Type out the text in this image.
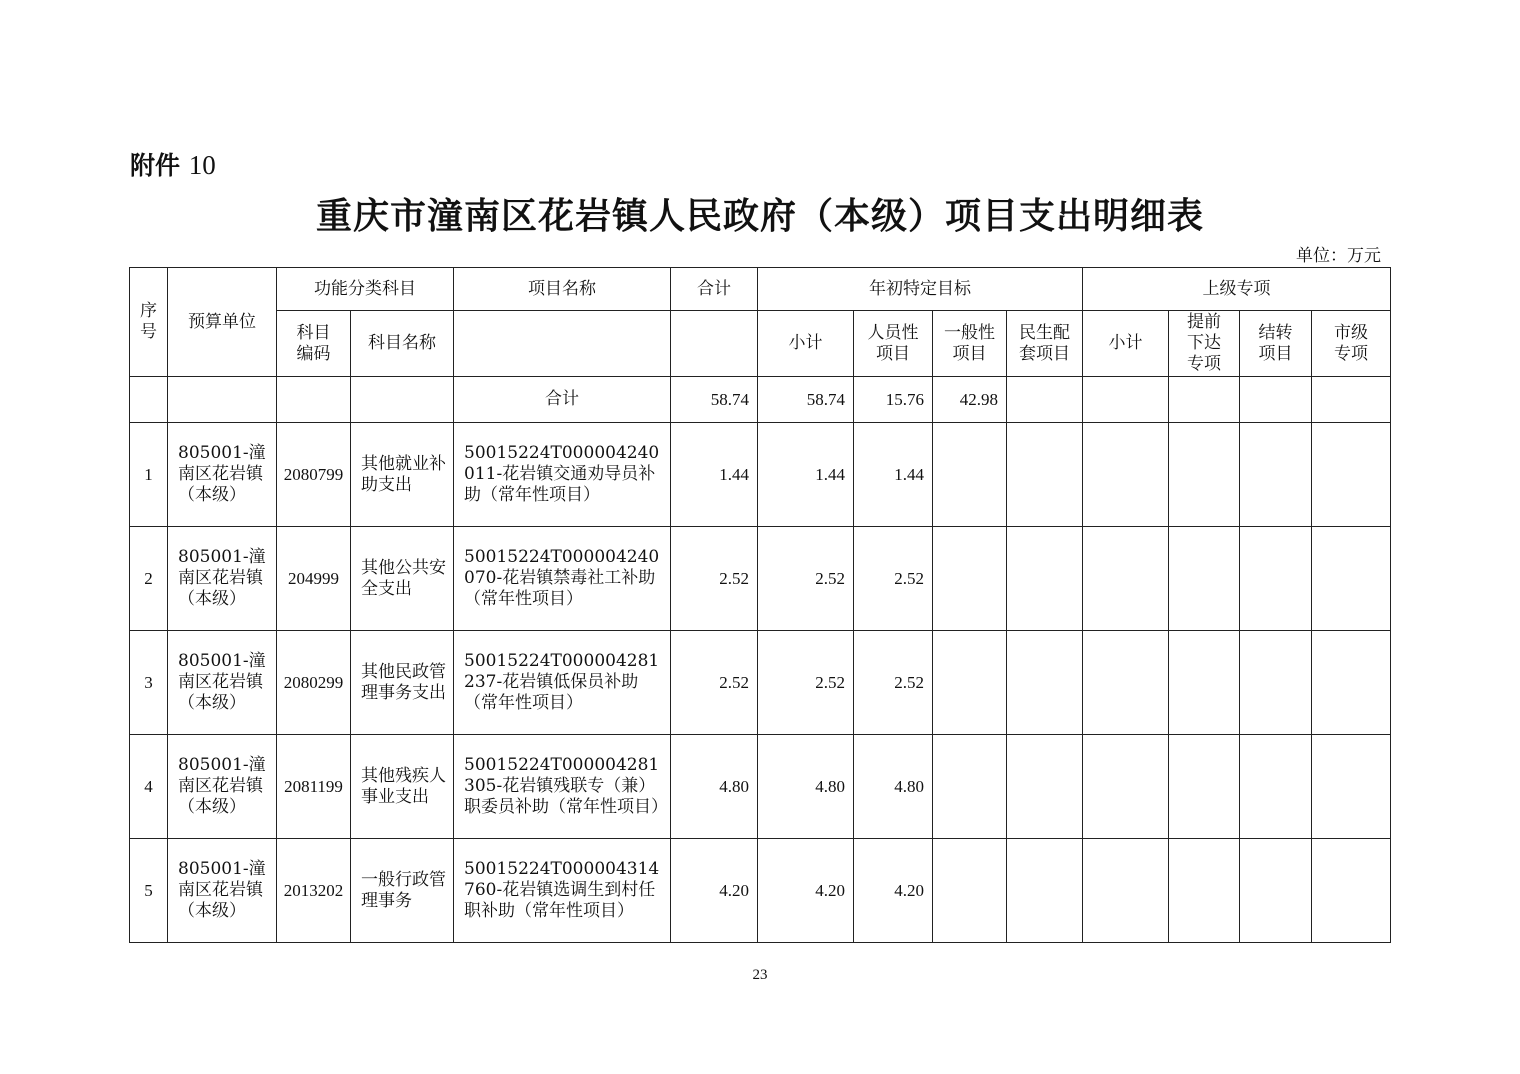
附件 10
重庆市潼南区花岩镇人民政府（本级）项目支出明细表
单位：万元
序号	预算单位	功能分类科目		项目名称	合计	年初特定目标				上级专项			

		科目编码	科目名称			小计	人员性项目	一般性项目	民生配套项目	小计	提前下达专项	结转项目	市级专项

				合计	58.74	58.74	15.76	42.98					
1	805001-潼南区花岩镇（本级）	2080799	其他就业补助支出	50015224T000004240011-花岩镇交通劝导员补助（常年性项目）	1.44	1.44	1.44						
2	805001-潼南区花岩镇（本级）	204999	其他公共安全支出	50015224T000004240070-花岩镇禁毒社工补助（常年性项目）	2.52	2.52	2.52						
3	805001-潼南区花岩镇（本级）	2080299	其他民政管理事务支出	50015224T000004281237-花岩镇低保员补助（常年性项目）	2.52	2.52	2.52						
4	805001-潼南区花岩镇（本级）	2081199	其他残疾人事业支出	50015224T000004281305-花岩镇残联专（兼）职委员补助（常年性项目）	4.80	4.80	4.80						
5	805001-潼南区花岩镇（本级）	2013202	一般行政管理事务	50015224T000004314760-花岩镇选调生到村任职补助（常年性项目）	4.20	4.20	4.20						
23
